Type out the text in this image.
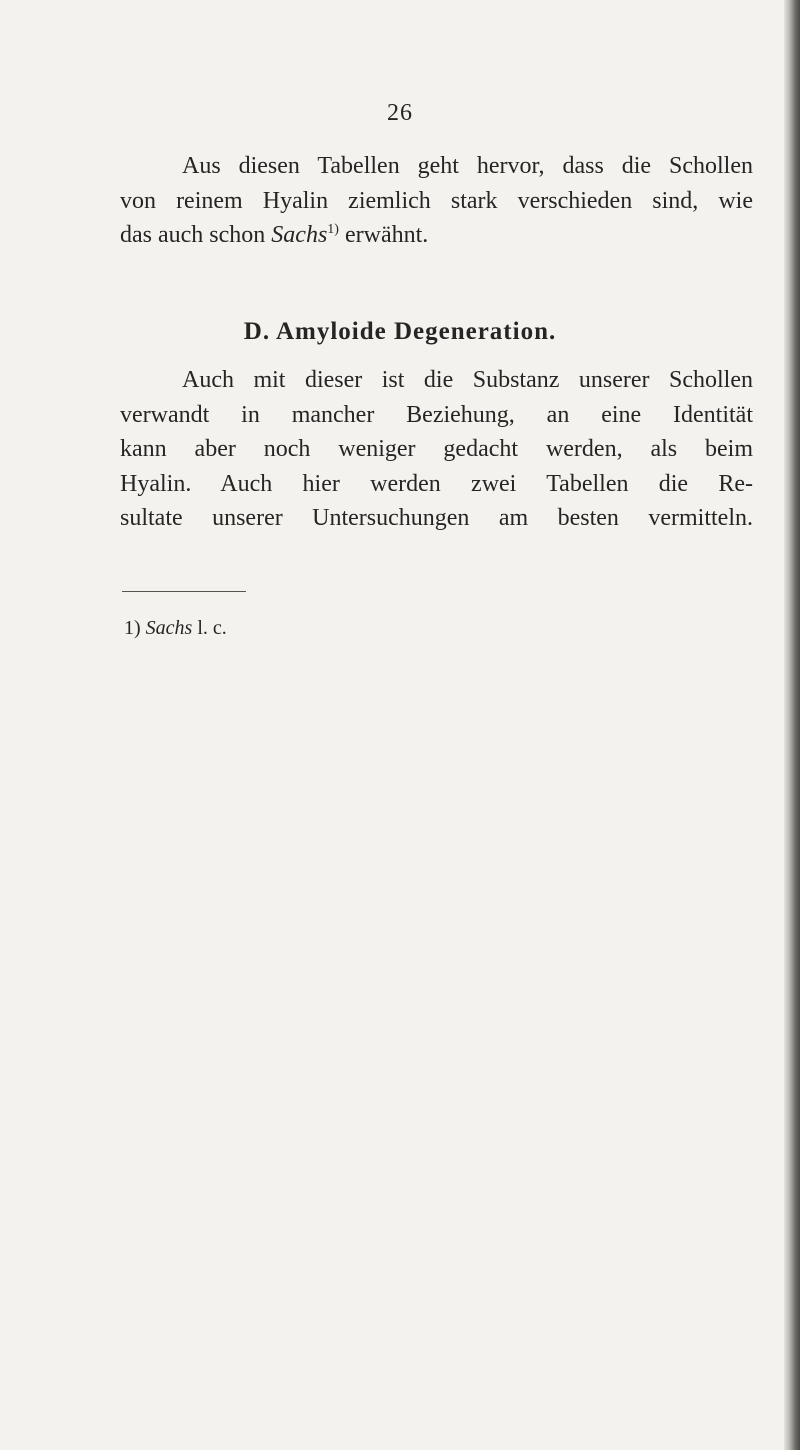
26
Aus diesen Tabellen geht hervor, dass die Schollen
von reinem Hyalin ziemlich stark verschieden sind, wie
das auch schon Sachs$^{1)}$ erwähnt.
D. Amyloide Degeneration.
Auch mit dieser ist die Substanz unserer Schollen
verwandt in mancher Beziehung, an eine Identität
kann aber noch weniger gedacht werden, als beim
Hyalin. Auch hier werden zwei Tabellen die Re-
sultate unserer Untersuchungen am besten vermitteln.
1) Sachs l. c.
